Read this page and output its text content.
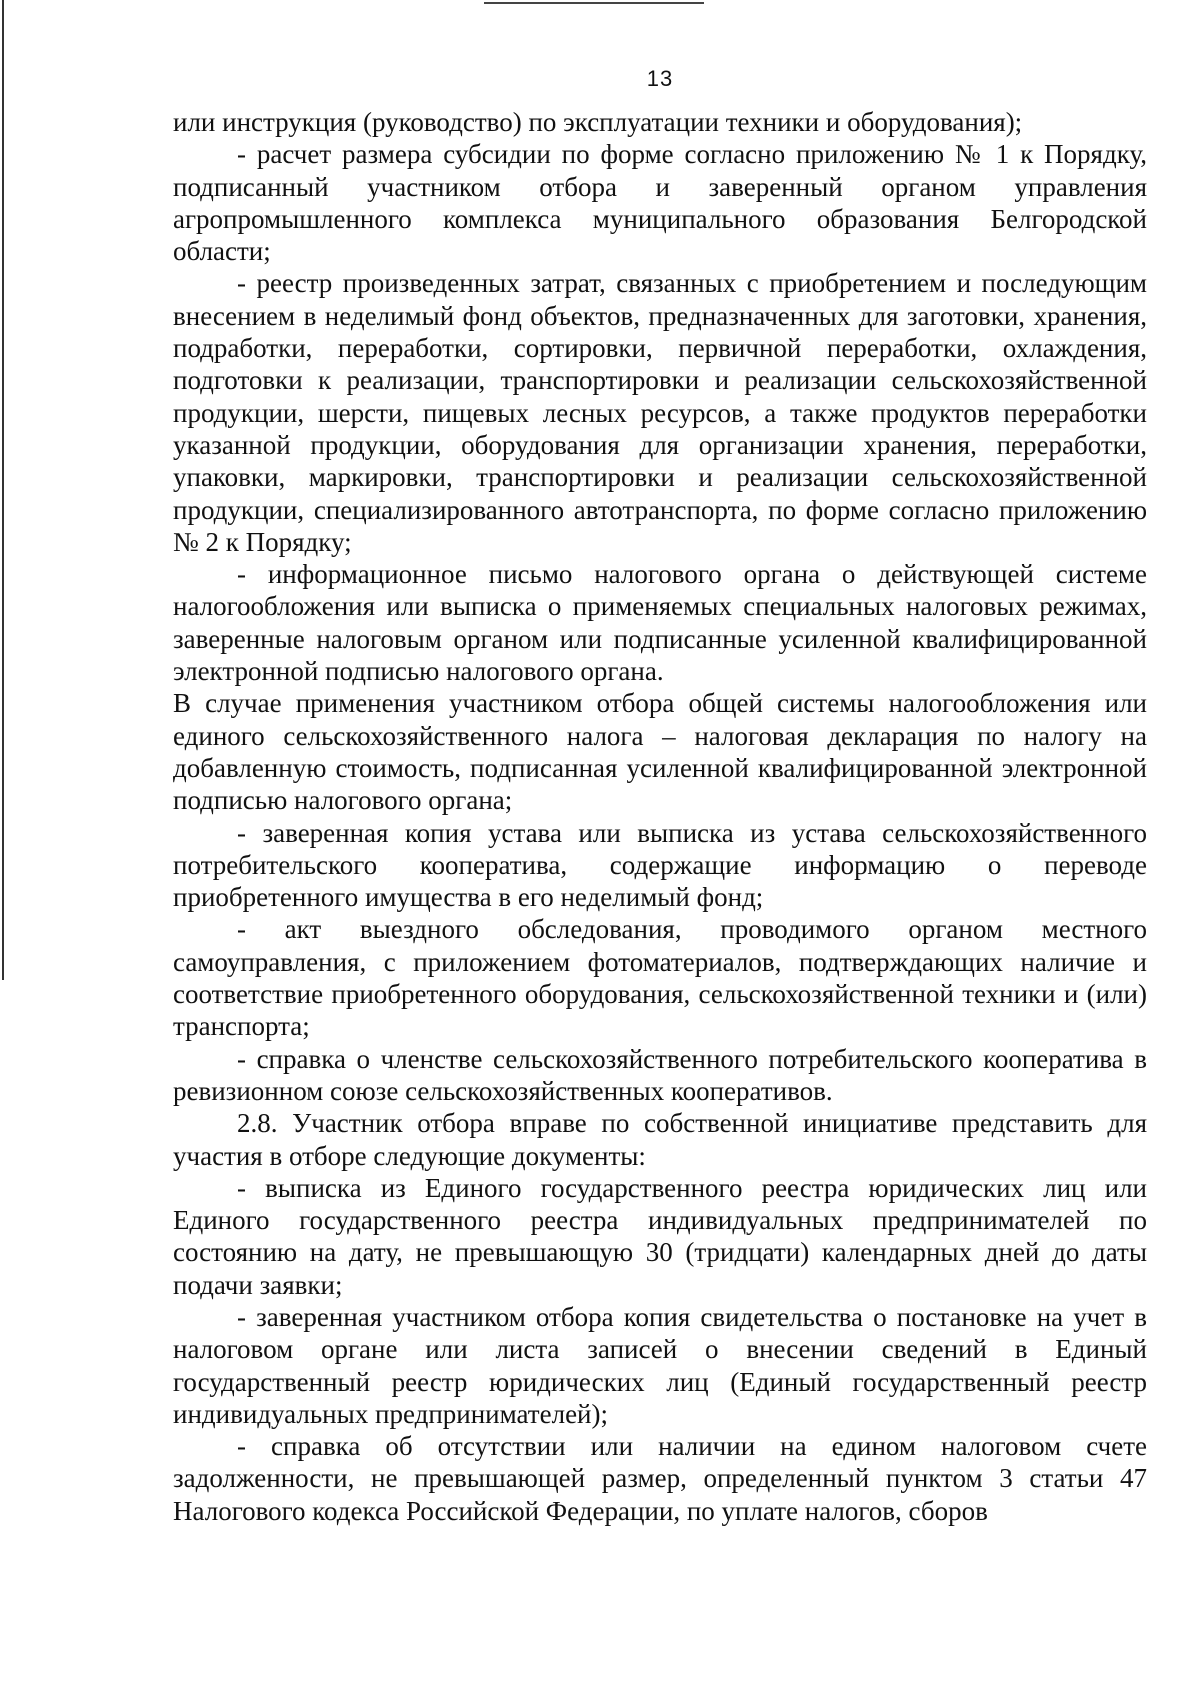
13

или инструкция (руководство) по эксплуатации техники и оборудования);

- расчет размера субсидии по форме согласно приложению № 1 к Порядку, подписанный участником отбора и заверенный органом управления агропромышленного комплекса муниципального образования Белгородской области;

- реестр произведенных затрат, связанных с приобретением и последующим внесением в неделимый фонд объектов, предназначенных для заготовки, хранения, подработки, переработки, сортировки, первичной переработки, охлаждения, подготовки к реализации, транспортировки и реализации сельскохозяйственной продукции, шерсти, пищевых лесных ресурсов, а также продуктов переработки указанной продукции, оборудования для организации хранения, переработки, упаковки, маркировки, транспортировки и реализации сельскохозяйственной продукции, специализированного автотранспорта, по форме согласно приложению № 2 к Порядку;

- информационное письмо налогового органа о действующей системе налогообложения или выписка о применяемых специальных налоговых режимах, заверенные налоговым органом или подписанные усиленной квалифицированной электронной подписью налогового органа.

В случае применения участником отбора общей системы налогообложения или единого сельскохозяйственного налога – налоговая декларация по налогу на добавленную стоимость, подписанная усиленной квалифицированной электронной подписью налогового органа;

- заверенная копия устава или выписка из устава сельскохозяйственного потребительского кооператива, содержащие информацию о переводе приобретенного имущества в его неделимый фонд;

- акт выездного обследования, проводимого органом местного самоуправления, с приложением фотоматериалов, подтверждающих наличие и соответствие приобретенного оборудования, сельскохозяйственной техники и (или) транспорта;

- справка о членстве сельскохозяйственного потребительского кооператива в ревизионном союзе сельскохозяйственных кооперативов.

2.8. Участник отбора вправе по собственной инициативе представить для участия в отборе следующие документы:

- выписка из Единого государственного реестра юридических лиц или Единого государственного реестра индивидуальных предпринимателей по состоянию на дату, не превышающую 30 (тридцати) календарных дней до даты подачи заявки;

- заверенная участником отбора копия свидетельства о постановке на учет в налоговом органе или листа записей о внесении сведений в Единый государственный реестр юридических лиц (Единый государственный реестр индивидуальных предпринимателей);

- справка об отсутствии или наличии на едином налоговом счете задолженности, не превышающей размер, определенный пунктом 3 статьи 47 Налогового кодекса Российской Федерации, по уплате налогов, сборов
